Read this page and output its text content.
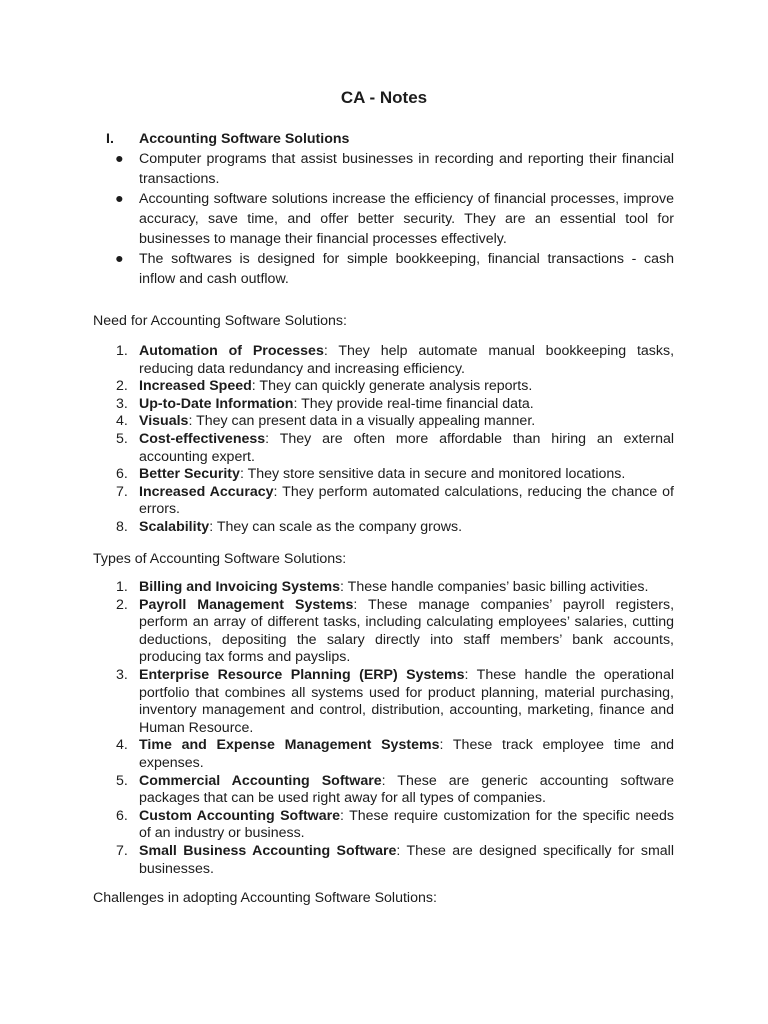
CA - Notes
I.	Accounting Software Solutions
●	Computer programs that assist businesses in recording and reporting their financial transactions.
●	Accounting software solutions increase the efficiency of financial processes, improve accuracy, save time, and offer better security. They are an essential tool for businesses to manage their financial processes effectively.
●	The softwares is designed for simple bookkeeping, financial transactions - cash inflow and cash outflow.
Need for Accounting Software Solutions:
1. Automation of Processes: They help automate manual bookkeeping tasks, reducing data redundancy and increasing efficiency.
2. Increased Speed: They can quickly generate analysis reports.
3. Up-to-Date Information: They provide real-time financial data.
4. Visuals: They can present data in a visually appealing manner.
5. Cost-effectiveness: They are often more affordable than hiring an external accounting expert.
6. Better Security: They store sensitive data in secure and monitored locations.
7. Increased Accuracy: They perform automated calculations, reducing the chance of errors.
8. Scalability: They can scale as the company grows.
Types of Accounting Software Solutions:
1. Billing and Invoicing Systems: These handle companies’ basic billing activities.
2. Payroll Management Systems: These manage companies’ payroll registers, perform an array of different tasks, including calculating employees’ salaries, cutting deductions, depositing the salary directly into staff members’ bank accounts, producing tax forms and payslips.
3. Enterprise Resource Planning (ERP) Systems: These handle the operational portfolio that combines all systems used for product planning, material purchasing, inventory management and control, distribution, accounting, marketing, finance and Human Resource.
4. Time and Expense Management Systems: These track employee time and expenses.
5. Commercial Accounting Software: These are generic accounting software packages that can be used right away for all types of companies.
6. Custom Accounting Software: These require customization for the specific needs of an industry or business.
7. Small Business Accounting Software: These are designed specifically for small businesses.
Challenges in adopting Accounting Software Solutions:
